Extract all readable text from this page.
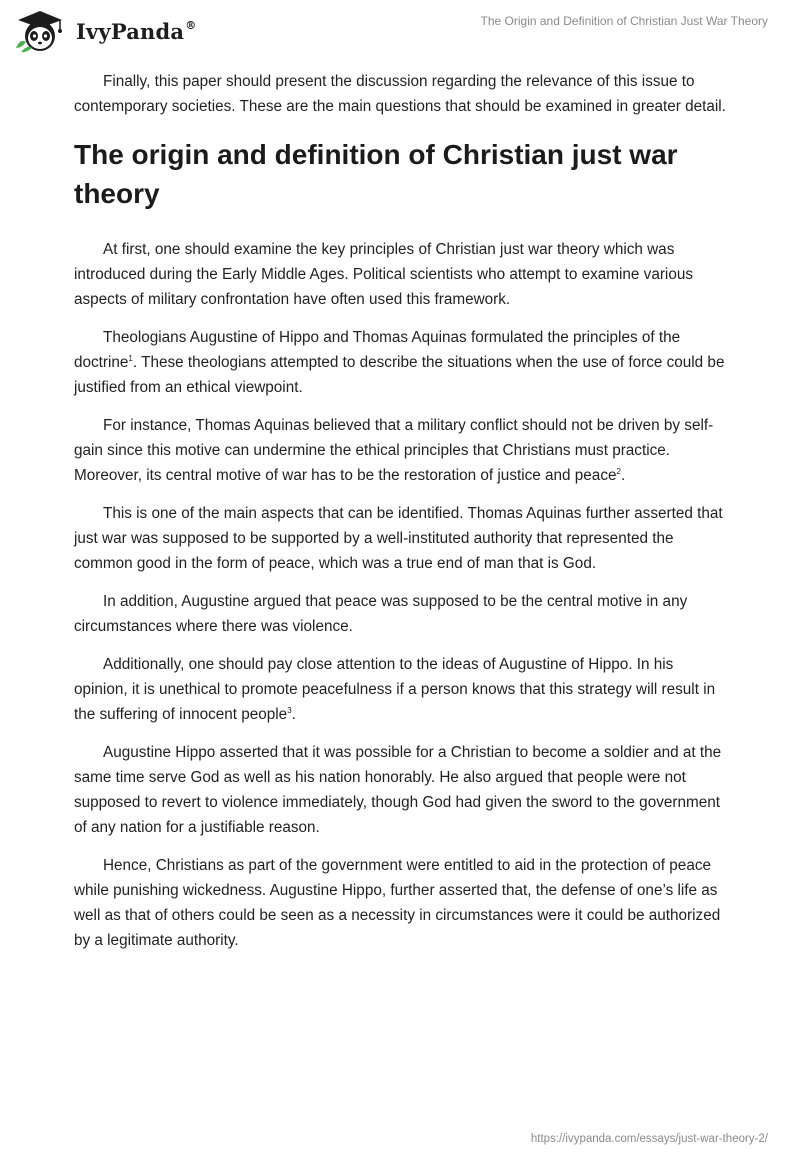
IvyPanda®	The Origin and Definition of Christian Just War Theory

Finally, this paper should present the discussion regarding the relevance of this issue to contemporary societies. These are the main questions that should be examined in greater detail.

The origin and definition of Christian just war theory

At first, one should examine the key principles of Christian just war theory which was introduced during the Early Middle Ages. Political scientists who attempt to examine various aspects of military confrontation have often used this framework.

Theologians Augustine of Hippo and Thomas Aquinas formulated the principles of the doctrine$^1$. These theologians attempted to describe the situations when the use of force could be justified from an ethical viewpoint.

For instance, Thomas Aquinas believed that a military conflict should not be driven by self-gain since this motive can undermine the ethical principles that Christians must practice. Moreover, its central motive of war has to be the restoration of justice and peace$^2$.

This is one of the main aspects that can be identified. Thomas Aquinas further asserted that just war was supposed to be supported by a well-instituted authority that represented the common good in the form of peace, which was a true end of man that is God.

In addition, Augustine argued that peace was supposed to be the central motive in any circumstances where there was violence.

Additionally, one should pay close attention to the ideas of Augustine of Hippo. In his opinion, it is unethical to promote peacefulness if a person knows that this strategy will result in the suffering of innocent people$^3$.

Augustine Hippo asserted that it was possible for a Christian to become a soldier and at the same time serve God as well as his nation honorably. He also argued that people were not supposed to revert to violence immediately, though God had given the sword to the government of any nation for a justifiable reason.

Hence, Christians as part of the government were entitled to aid in the protection of peace while punishing wickedness. Augustine Hippo, further asserted that, the defense of one’s life as well as that of others could be seen as a necessity in circumstances were it could be authorized by a legitimate authority.

https://ivypanda.com/essays/just-war-theory-2/
